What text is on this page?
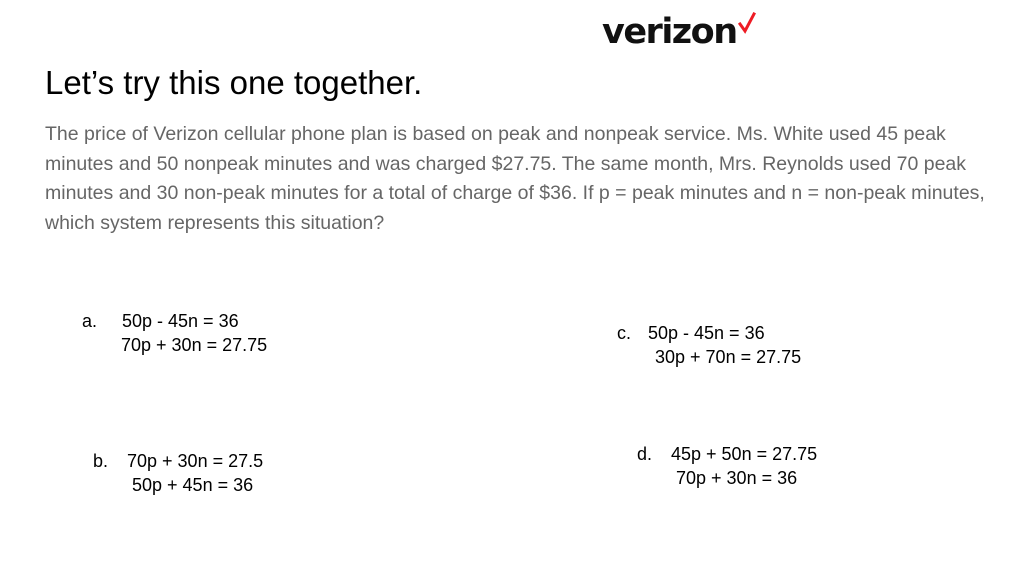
verizon
Let’s try this one together.

The price of Verizon cellular phone plan is based on peak and nonpeak service. Ms. White used 45 peak minutes and 50 nonpeak minutes and was charged $27.75. The same month, Mrs. Reynolds used 70 peak minutes and 30 non-peak minutes for a total of charge of $36. If p = peak minutes and n = non-peak minutes, which system represents this situation?

a.	50p - 45n = 36
70p + 30n = 27.75
c. 50p - 45n = 36
30p + 70n = 27.75
b.	70p + 30n = 27.5
50p + 45n = 36
d.	45p + 50n = 27.75
70p + 30n = 36
